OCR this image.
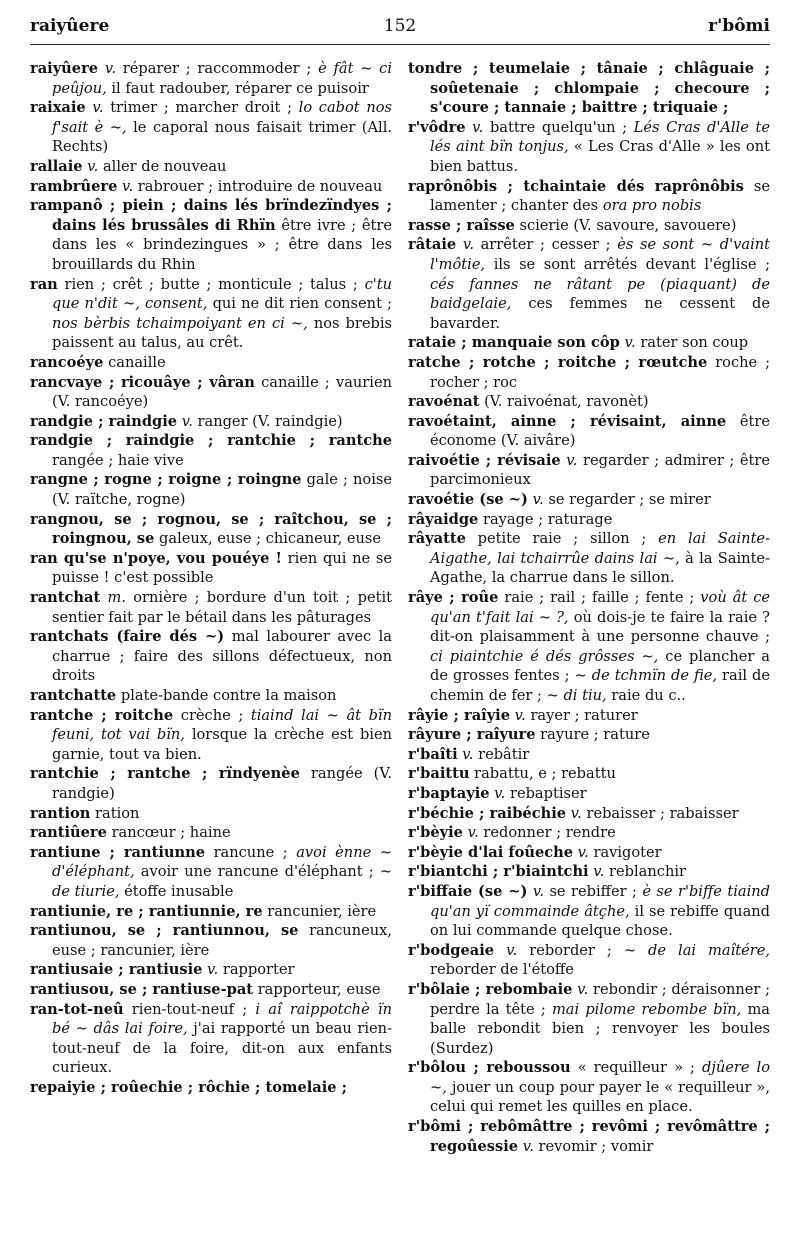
raiyûere	152	r'bômi

raiyûere v. réparer ; raccommoder ; è fât ~ ci peûjou, il faut radouber, réparer ce puisoir

raixaie v. trimer ; marcher droit ; lo cabot nos f'sait è ~, le caporal nous faisait trimer (All. Rechts)

rallaie v. aller de nouveau

rambrûere v. rabrouer ; introduire de nouveau

rampanô ; piein ; dains lés brïndezïndyes ; dains lés brussâles di Rhïn être ivre ; être dans les « brindezingues » ; être dans les brouillards du Rhin

ran rien ; crêt ; butte ; monticule ; talus ; c'tu que n'dit ~, consent, qui ne dit rien consent ; nos bèrbis tchaimpoiyant en ci ~, nos brebis paissent au talus, au crêt.

rancoéye canaille

rancvaye ; ricouâye ; vâran canaille ; vaurien (V. rancoéye)

randgie ; raindgie v. ranger (V. raindgie)

randgie ; raindgie ; rantchie ; rantche rangée ; haie vive

rangne ; rogne ; roigne ; roingne gale ; noise (V. raïtche, rogne)

rangnou, se ; rognou, se ; raîtchou, se ; roingnou, se galeux, euse ; chicaneur, euse

ran qu'se n'poye, vou pouéye ! rien qui ne se puisse ! c'est possible

rantchat m. ornière ; bordure d'un toit ; petit sentier fait par le bétail dans les pâturages

rantchats (faire dés ~) mal labourer avec la charrue ; faire des sillons défectueux, non droits

rantchatte plate-bande contre la maison

rantche ; roitche crèche ; tiaind lai ~ ât bïn feuni, tot vai bïn, lorsque la crèche est bien garnie, tout va bien.

rantchie ; rantche ; rïndyenèe rangée (V. randgie)

rantion ration

rantiûere rancœur ; haine

rantiune ; rantiunne rancune ; avoi ènne ~ d'éléphant, avoir une rancune d'éléphant ; ~ de tiurie, étoffe inusable

rantiunie, re ; rantiunnie, re rancunier, ière

rantiunou, se ; rantiunnou, se rancuneux, euse ; rancunier, ière

rantiusaie ; rantiusie v. rapporter

rantiusou, se ; rantiuse-pat rapporteur, euse

ran-tot-neû rien-tout-neuf ; i aî raippotchè ïn bé ~ dâs lai foire, j'ai rapporté un beau rien-tout-neuf de la foire, dit-on aux enfants curieux.

repaiyie ; roûechie ; rôchie ; tomelaie ;

tondre ; teumelaie ; tânaie ; chlâguaie ; soûetenaie ; chlompaie ; checoure ; s'coure ; tannaie ; baittre ; triquaie ;

r'vôdre v. battre quelqu'un ; Lés Cras d'Alle te lés aint bïn tonjus, « Les Cras d'Alle » les ont bien battus.

raprônôbis ; tchaintaie dés raprônôbis se lamenter ; chanter des ora pro nobis

rasse ; raîsse scierie (V. savoure, savouere)

râtaie v. arrêter ; cesser ; ès se sont ~ d'vaint l'môtie, ils se sont arrêtés devant l'église ; cés fannes ne râtant pe (piaquant) de baidgelaie, ces femmes ne cessent de bavarder.

rataie ; manquaie son côp v. rater son coup

ratche ; rotche ; roitche ; rœutche roche ; rocher ; roc

ravoénat (V. raivoénat, ravonèt)

ravoétaint, ainne ; révisaint, ainne être économe (V. aivâre)

raivoétie ; révisaie v. regarder ; admirer ; être parcimonieux

ravoétie (se ~) v. se regarder ; se mirer

râyaidge rayage ; raturage

râyatte petite raie ; sillon ; en lai Sainte-Aigathe, lai tchairrûe dains lai ~, à la Sainte-Agathe, la charrue dans le sillon.

râye ; roûe raie ; rail ; faille ; fente ; voù ât ce qu'an t'fait lai ~ ?, où dois-je te faire la raie ? dit-on plaisamment à une personne chauve ; ci piaintchie é dés grôsses ~, ce plancher a de grosses fentes ; ~ de tchmïn de fie, rail de chemin de fer ; ~ di tiu, raie du c..

râyie ; raîyie v. rayer ; raturer

râyure ; raîyure rayure ; rature

r'baîti v. rebâtir

r'baittu rabattu, e ; rebattu

r'baptayie v. rebaptiser

r'béchie ; raibéchie v. rebaisser ; rabaisser

r'bèyie v. redonner ; rendre

r'bèyie d'lai foûeche v. ravigoter

r'biantchi ; r'biaintchi v. reblanchir

r'biffaie (se ~) v. se rebiffer ; è se r'biffe tiaind qu'an yï commainde âtçhe, il se rebiffe quand on lui commande quelque chose.

r'bodgeaie v. reborder ; ~ de lai maîtére, reborder de l'étoffe

r'bôlaie ; rebombaie v. rebondir ; déraisonner ; perdre la tête ; mai pilome rebombe bïn, ma balle rebondit bien ; renvoyer les boules (Surdez)

r'bôlou ; reboussou « requilleur » ; djûere lo ~, jouer un coup pour payer le « requilleur », celui qui remet les quilles en place.

r'bômi ; rebômâttre ; revômi ; revômâttre ; regoûessie v. revomir ; vomir
